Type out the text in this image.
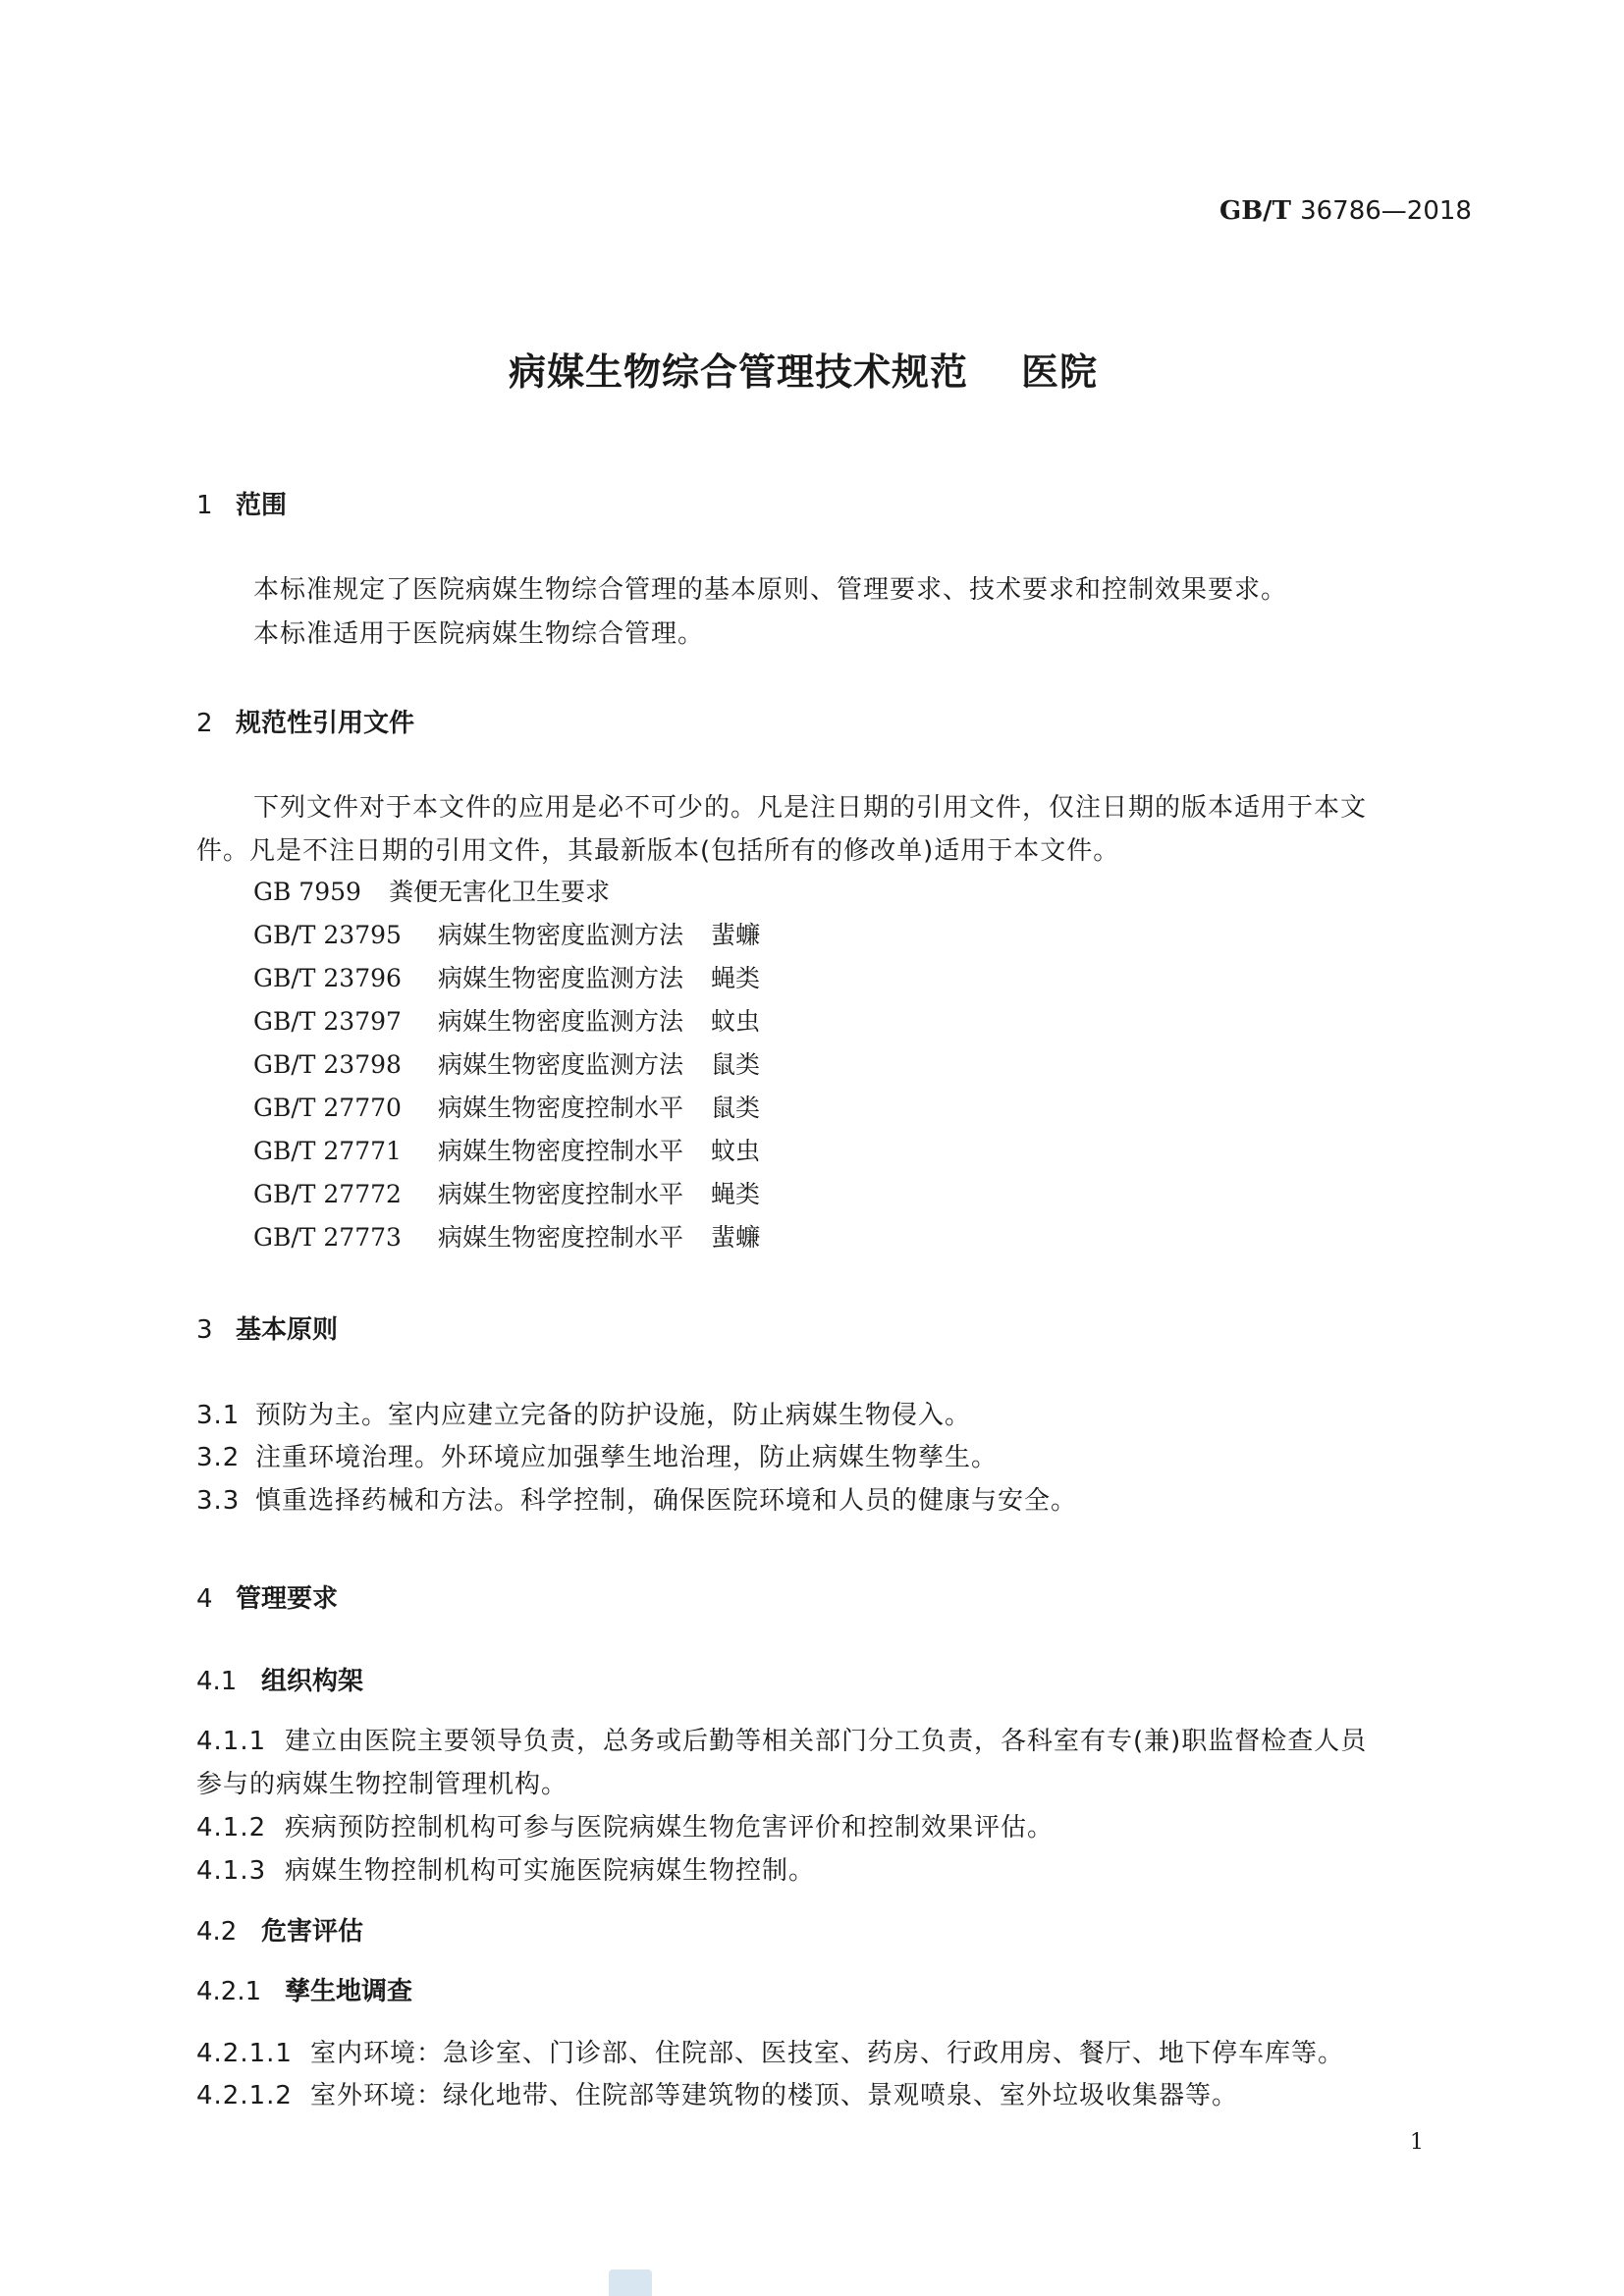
GB/T 36786—2018
病媒生物综合管理技术规范 医院
1 范围
本标准规定了医院病媒生物综合管理的基本原则、管理要求、技术要求和控制效果要求。
本标准适用于医院病媒生物综合管理。
2 规范性引用文件
下列文件对于本文件的应用是必不可少的。凡是注日期的引用文件，仅注日期的版本适用于本文
件。凡是不注日期的引用文件，其最新版本(包括所有的修改单)适用于本文件。
GB 7959 粪便无害化卫生要求
GB/T 23795 病媒生物密度监测方法 蜚蠊
GB/T 23796 病媒生物密度监测方法 蝇类
GB/T 23797 病媒生物密度监测方法 蚊虫
GB/T 23798 病媒生物密度监测方法 鼠类
GB/T 27770 病媒生物密度控制水平 鼠类
GB/T 27771 病媒生物密度控制水平 蚊虫
GB/T 27772 病媒生物密度控制水平 蝇类
GB/T 27773 病媒生物密度控制水平 蜚蠊
3 基本原则
3.1 预防为主。室内应建立完备的防护设施，防止病媒生物侵入。
3.2 注重环境治理。外环境应加强孳生地治理，防止病媒生物孳生。
3.3 慎重选择药械和方法。科学控制，确保医院环境和人员的健康与安全。
4 管理要求
4.1 组织构架
4.1.1 建立由医院主要领导负责，总务或后勤等相关部门分工负责，各科室有专(兼)职监督检查人员
参与的病媒生物控制管理机构。
4.1.2 疾病预防控制机构可参与医院病媒生物危害评价和控制效果评估。
4.1.3 病媒生物控制机构可实施医院病媒生物控制。
4.2 危害评估
4.2.1 孳生地调查
4.2.1.1 室内环境：急诊室、门诊部、住院部、医技室、药房、行政用房、餐厅、地下停车库等。
4.2.1.2 室外环境：绿化地带、住院部等建筑物的楼顶、景观喷泉、室外垃圾收集器等。
1
